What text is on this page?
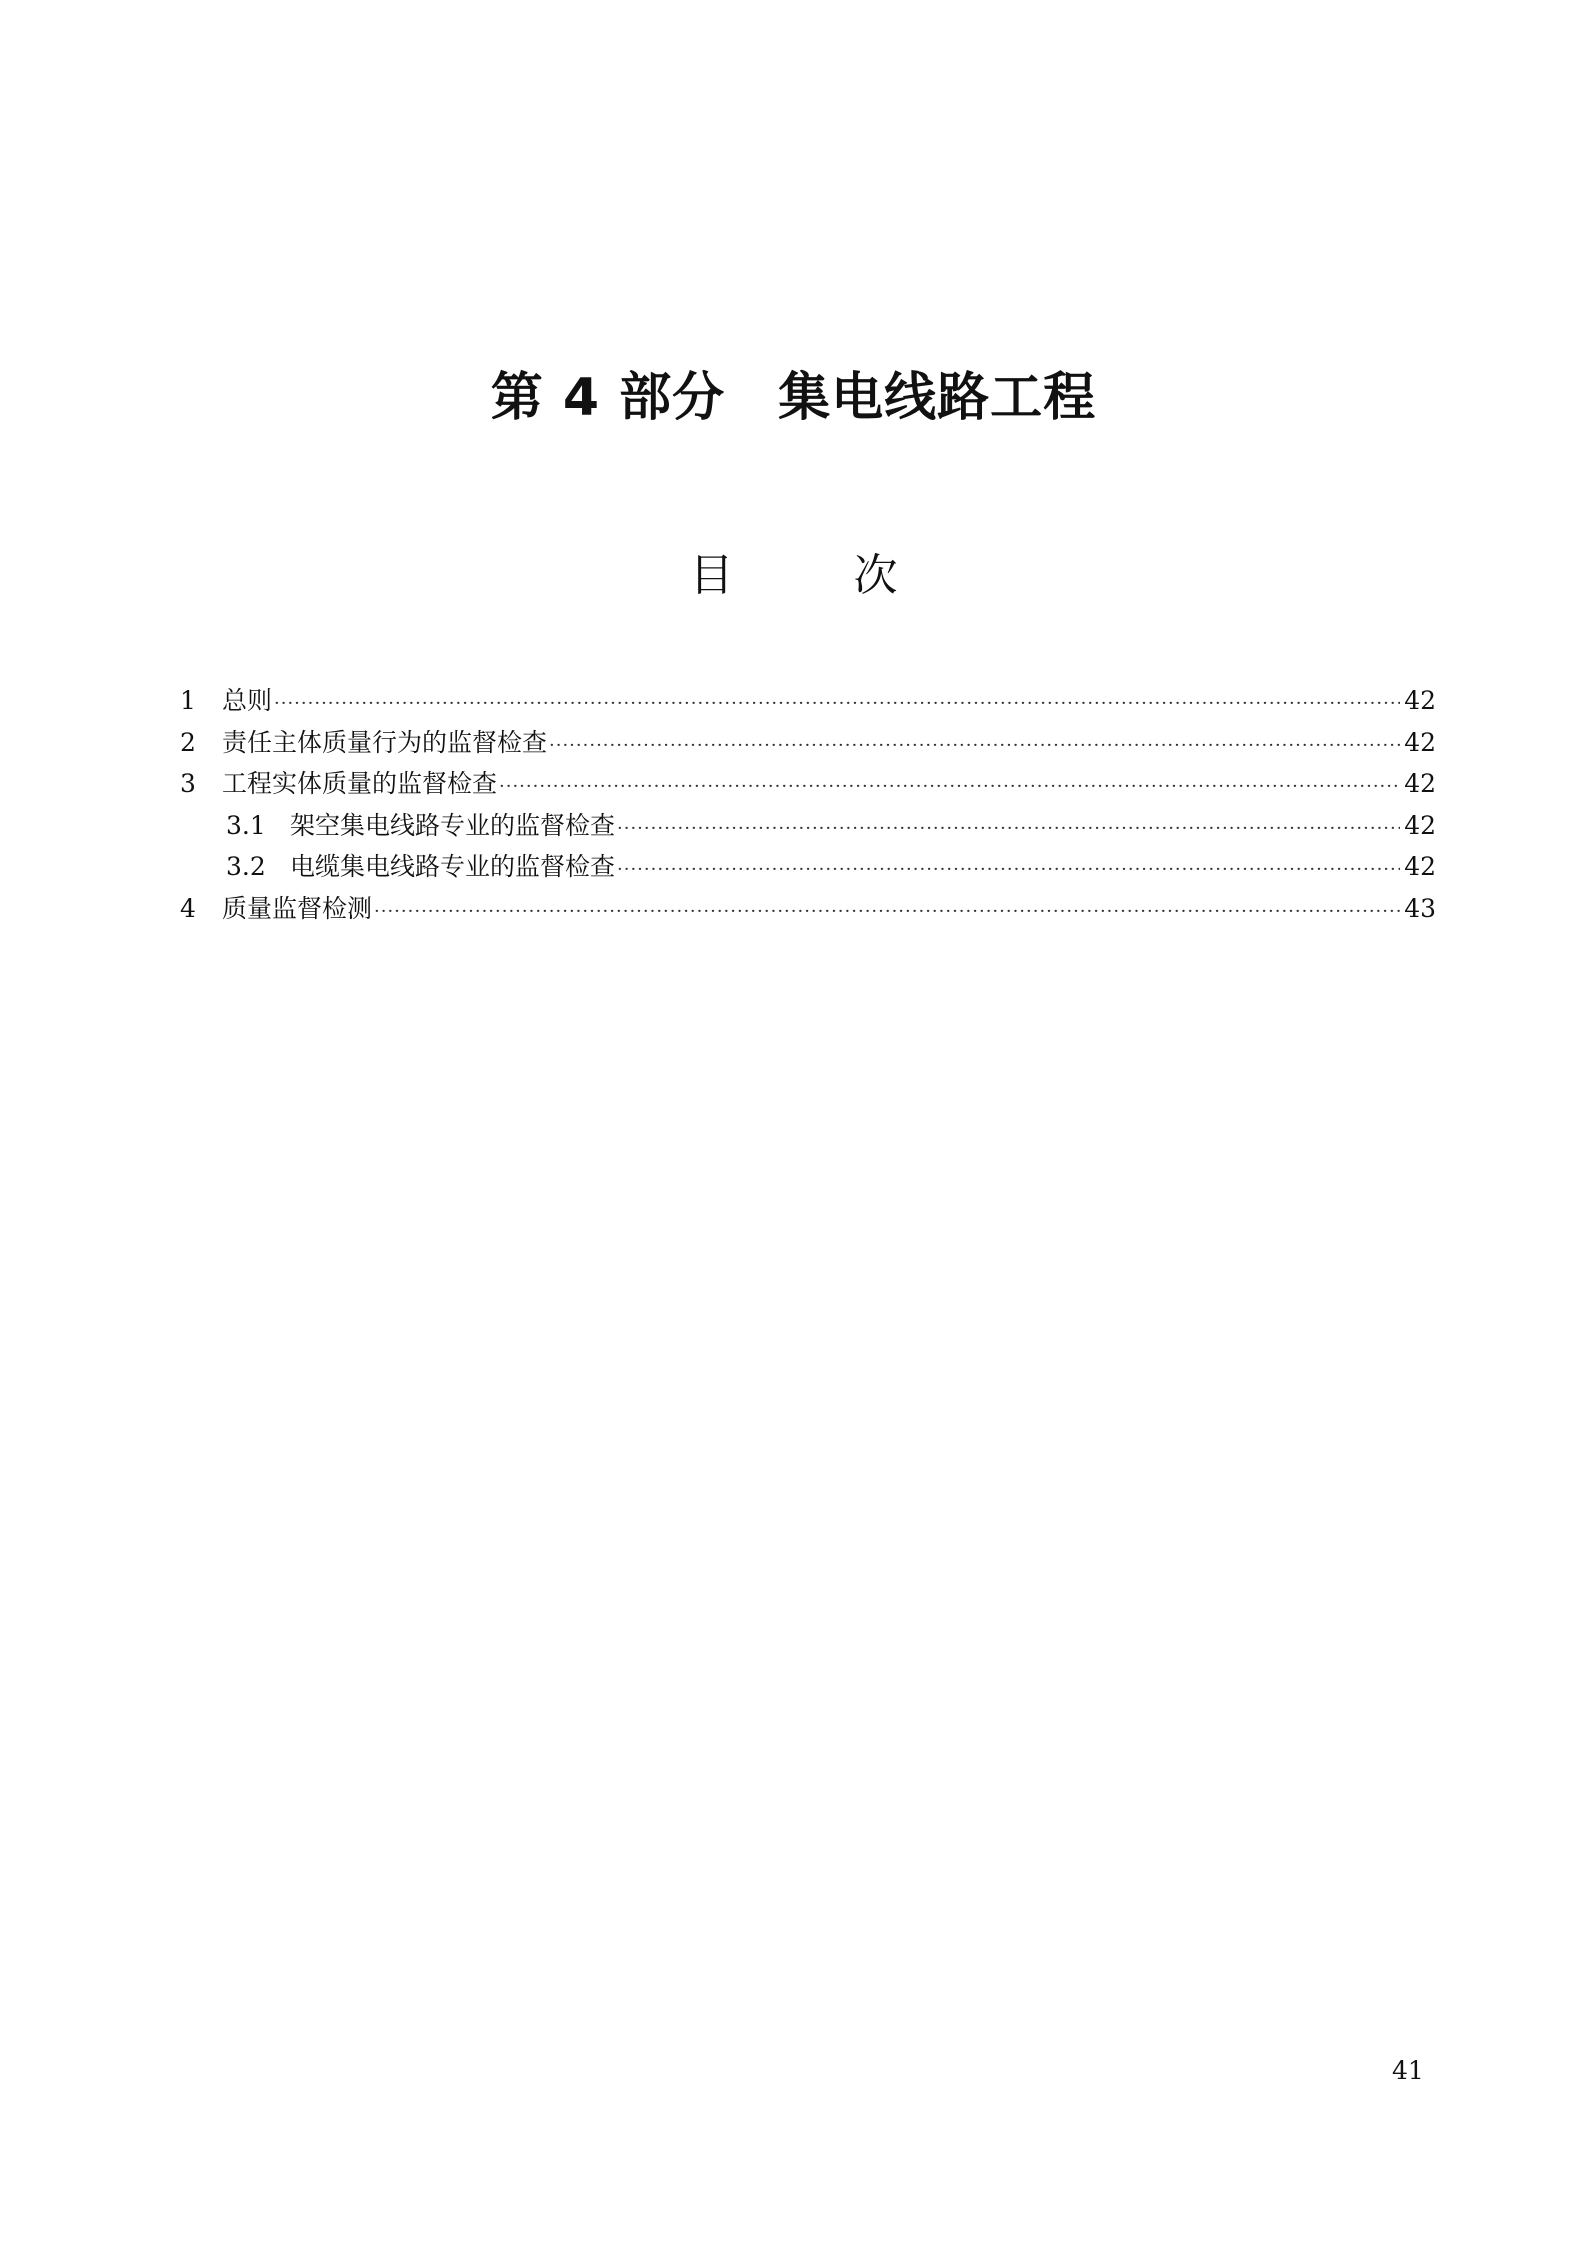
第 4 部分　集电线路工程
目	次
1	总则 ·····	42
2	责任主体质量行为的监督检查 ·····	42
3	工程实体质量的监督检查 ·····	42
3.1 架空集电线路专业的监督检查 ·····	42
3.2 电缆集电线路专业的监督检查 ·····	42
4	质量监督检测 ·····	43
41
